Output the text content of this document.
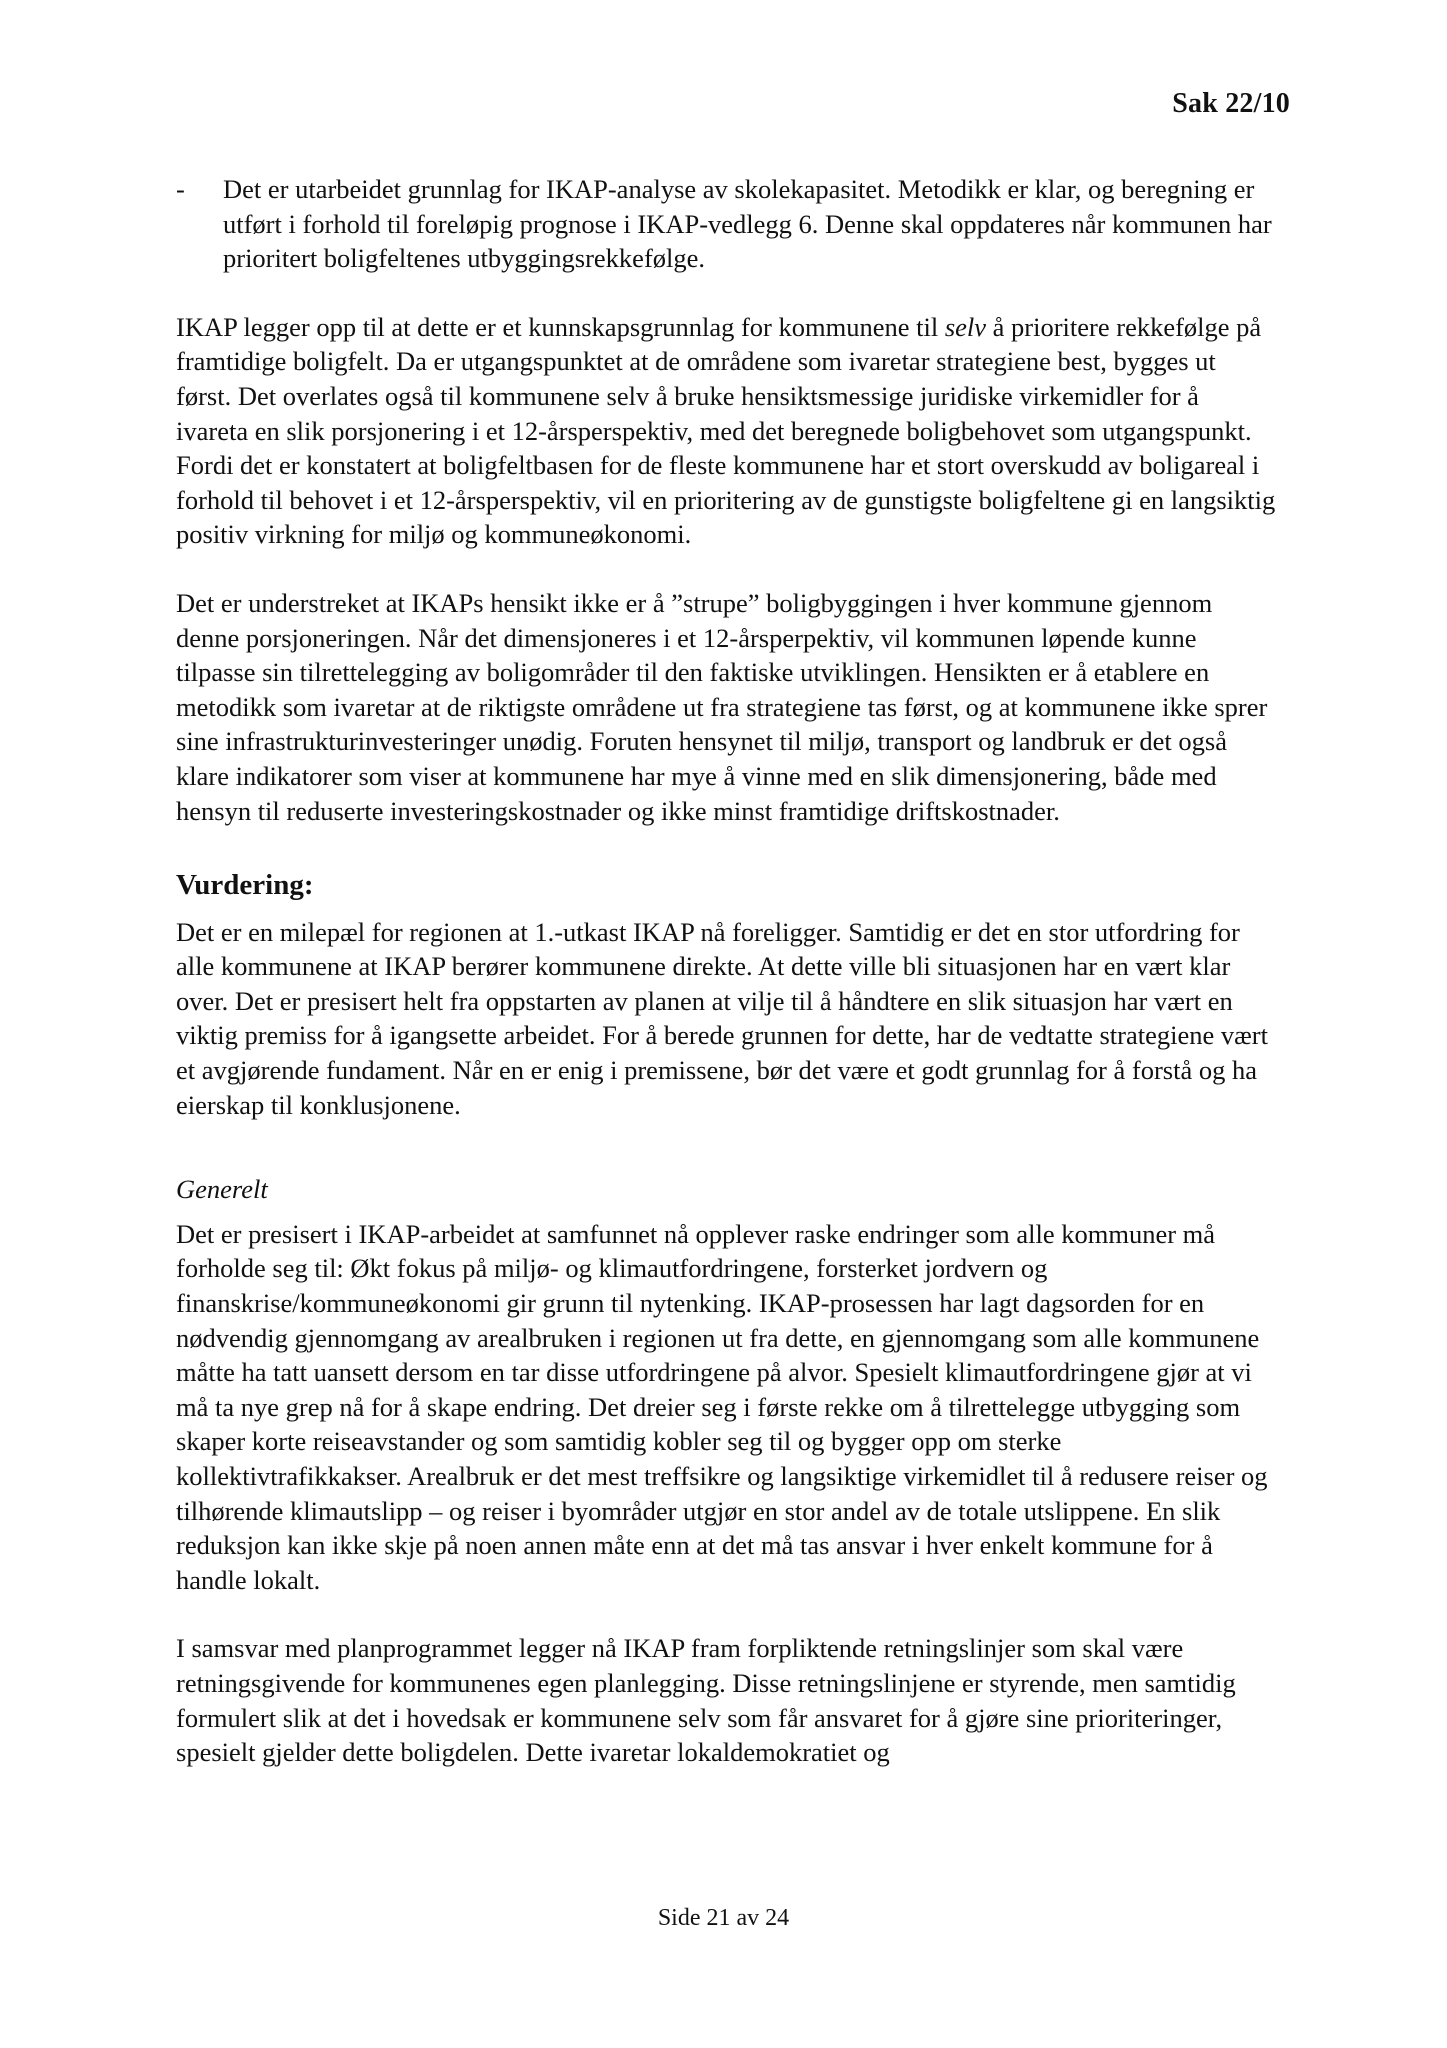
Sak 22/10
- Det er utarbeidet grunnlag for IKAP-analyse av skolekapasitet. Metodikk er klar, og beregning er utført i forhold til foreløpig prognose i IKAP-vedlegg 6. Denne skal oppdateres når kommunen har prioritert boligfeltenes utbyggingsrekkefølge.

IKAP legger opp til at dette er et kunnskapsgrunnlag for kommunene til selv å prioritere rekkefølge på framtidige boligfelt. Da er utgangspunktet at de områdene som ivaretar strategiene best, bygges ut først. Det overlates også til kommunene selv å bruke hensiktsmessige juridiske virkemidler for å ivareta en slik porsjonering i et 12-årsperspektiv, med det beregnede boligbehovet som utgangspunkt. Fordi det er konstatert at boligfeltbasen for de fleste kommunene har et stort overskudd av boligareal i forhold til behovet i et 12-årsperspektiv, vil en prioritering av de gunstigste boligfeltene gi en langsiktig positiv virkning for miljø og kommuneøkonomi.

Det er understreket at IKAPs hensikt ikke er å ”strupe” boligbyggingen i hver kommune gjennom denne porsjoneringen. Når det dimensjoneres i et 12-årsperpektiv, vil kommunen løpende kunne tilpasse sin tilrettelegging av boligområder til den faktiske utviklingen. Hensikten er å etablere en metodikk som ivaretar at de riktigste områdene ut fra strategiene tas først, og at kommunene ikke sprer sine infrastrukturinvesteringer unødig. Foruten hensynet til miljø, transport og landbruk er det også klare indikatorer som viser at kommunene har mye å vinne med en slik dimensjonering, både med hensyn til reduserte investeringskostnader og ikke minst framtidige driftskostnader.

Vurdering:

Det er en milepæl for regionen at 1.-utkast IKAP nå foreligger. Samtidig er det en stor utfordring for alle kommunene at IKAP berører kommunene direkte. At dette ville bli situasjonen har en vært klar over. Det er presisert helt fra oppstarten av planen at vilje til å håndtere en slik situasjon har vært en viktig premiss for å igangsette arbeidet. For å berede grunnen for dette, har de vedtatte strategiene vært et avgjørende fundament. Når en er enig i premissene, bør det være et godt grunnlag for å forstå og ha eierskap til konklusjonene.

Generelt

Det er presisert i IKAP-arbeidet at samfunnet nå opplever raske endringer som alle kommuner må forholde seg til: Økt fokus på miljø- og klimautfordringene, forsterket jordvern og finanskrise/kommuneøkonomi gir grunn til nytenking. IKAP-prosessen har lagt dagsorden for en nødvendig gjennomgang av arealbruken i regionen ut fra dette, en gjennomgang som alle kommunene måtte ha tatt uansett dersom en tar disse utfordringene på alvor. Spesielt klimautfordringene gjør at vi må ta nye grep nå for å skape endring. Det dreier seg i første rekke om å tilrettelegge utbygging som skaper korte reiseavstander og som samtidig kobler seg til og bygger opp om sterke kollektivtrafikkakser. Arealbruk er det mest treffsikre og langsiktige virkemidlet til å redusere reiser og tilhørende klimautslipp – og reiser i byområder utgjør en stor andel av de totale utslippene. En slik reduksjon kan ikke skje på noen annen måte enn at det må tas ansvar i hver enkelt kommune for å handle lokalt.

I samsvar med planprogrammet legger nå IKAP fram forpliktende retningslinjer som skal være retningsgivende for kommunenes egen planlegging. Disse retningslinjene er styrende, men samtidig formulert slik at det i hovedsak er kommunene selv som får ansvaret for å gjøre sine prioriteringer, spesielt gjelder dette boligdelen. Dette ivaretar lokaldemokratiet og

Side 21 av 24
